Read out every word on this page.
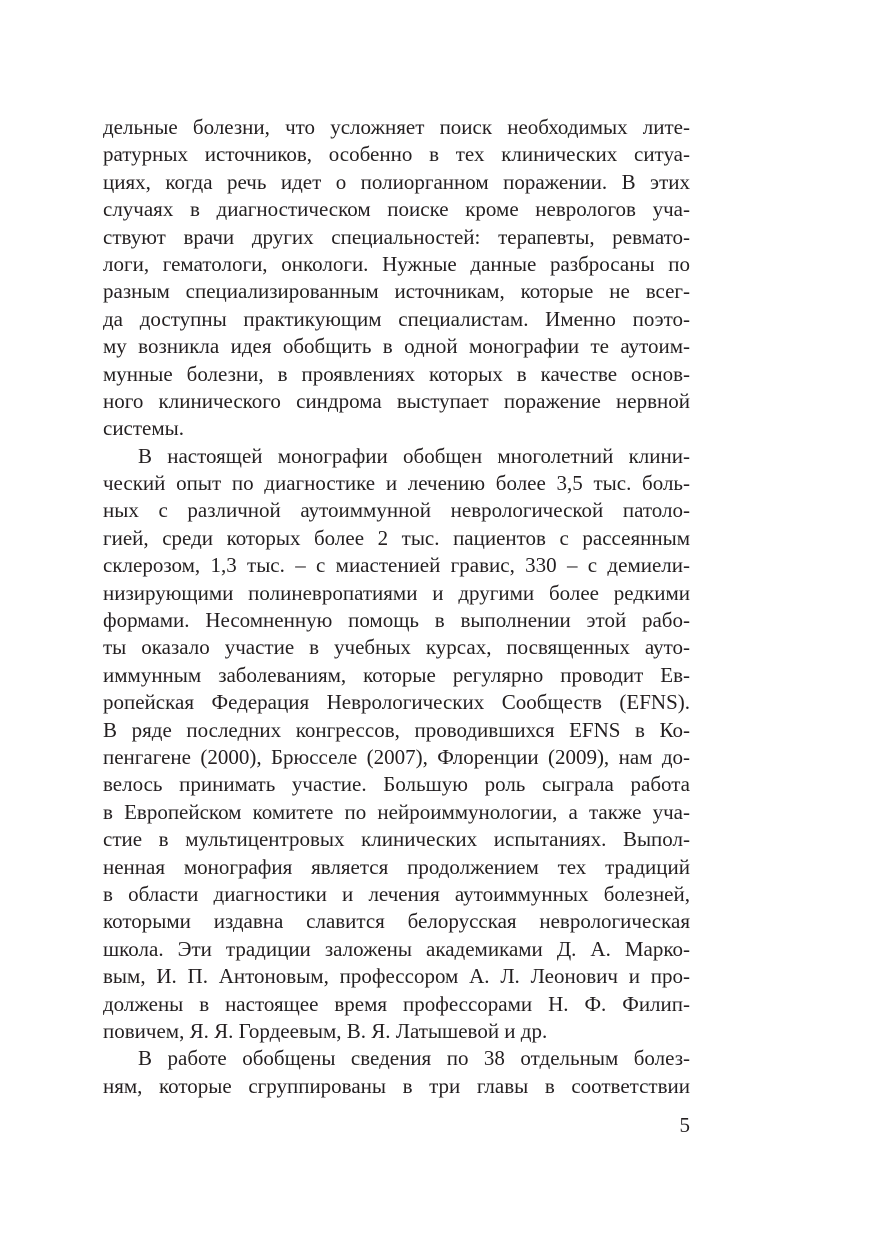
дельные болезни, что усложняет поиск необходимых лите-
ратурных источников, особенно в тех клинических ситуа-
циях, когда речь идет о полиорганном поражении. В этих
случаях в диагностическом поиске кроме неврологов уча-
ствуют врачи других специальностей: терапевты, ревмато-
логи, гематологи, онкологи. Нужные данные разбросаны по
разным специализированным источникам, которые не всег-
да доступны практикующим специалистам. Именно поэто-
му возникла идея обобщить в одной монографии те аутоим-
мунные болезни, в проявлениях которых в качестве основ-
ного клинического синдрома выступает поражение нервной
системы.
В настоящей монографии обобщен многолетний клини-
ческий опыт по диагностике и лечению более 3,5 тыс. боль-
ных с различной аутоиммунной неврологической патоло-
гией, среди которых более 2 тыс. пациентов с рассеянным
склерозом, 1,3 тыс. – с миастенией гравис, 330 – с демиели-
низирующими полиневропатиями и другими более редкими
формами. Несомненную помощь в выполнении этой рабо-
ты оказало участие в учебных курсах, посвященных ауто-
иммунным заболеваниям, которые регулярно проводит Ев-
ропейская Федерация Неврологических Сообществ (EFNS).
В ряде последних конгрессов, проводившихся EFNS в Ко-
пенгагене (2000), Брюсселе (2007), Флоренции (2009), нам до-
велось принимать участие. Большую роль сыграла работа
в Европейском комитете по нейроиммунологии, а также уча-
стие в мультицентровых клинических испытаниях. Выпол-
ненная монография является продолжением тех традиций
в области диагностики и лечения аутоиммунных болезней,
которыми издавна славится белорусская неврологическая
школа. Эти традиции заложены академиками Д. А. Марко-
вым, И. П. Антоновым, профессором А. Л. Леонович и про-
должены в настоящее время профессорами Н. Ф. Филип-
повичем, Я. Я. Гордеевым, В. Я. Латышевой и др.
В работе обобщены сведения по 38 отдельным болез-
ням, которые сгруппированы в три главы в соответствии
5
